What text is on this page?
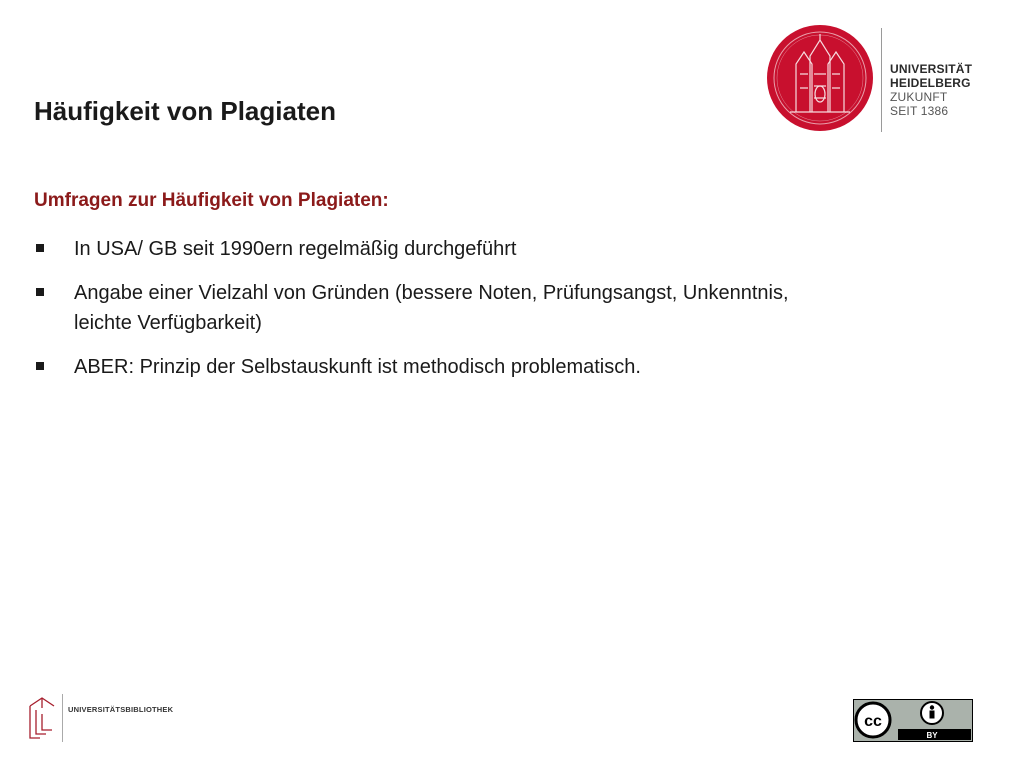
Häufigkeit von Plagiaten
Umfragen zur Häufigkeit von Plagiaten:
In USA/ GB seit 1990ern regelmäßig durchgeführt
Angabe einer Vielzahl von Gründen (bessere Noten, Prüfungsangst, Unkenntnis, leichte Verfügbarkeit)
ABER: Prinzip der Selbstauskunft ist methodisch problematisch.
UNIVERSITÄT
HEIDELBERG
ZUKUNFT
SEIT 1386
UNIVERSITÄTSBIBLIOTHEK
cc
BY
